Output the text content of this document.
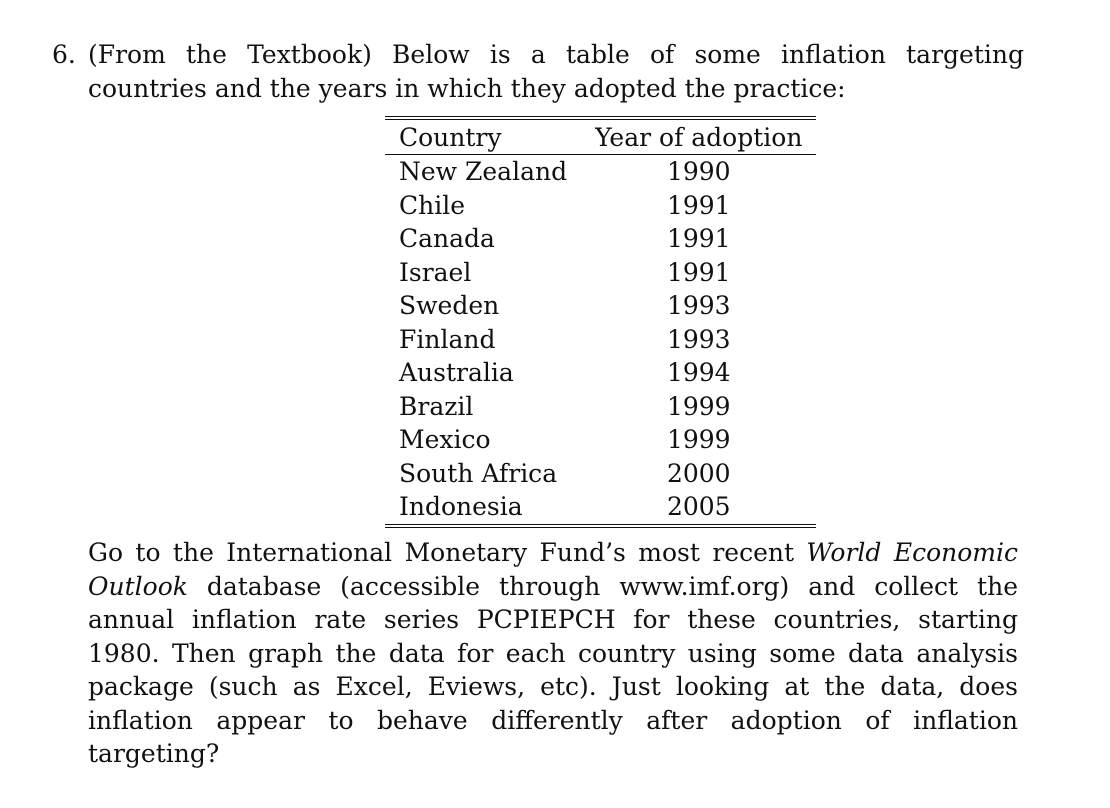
6. (From the Textbook) Below is a table of some inflation targeting countries and the years in which they adopted the practice:
Country	Year of adoption
New Zealand	1990
Chile	1991
Canada	1991
Israel	1991
Sweden	1993
Finland	1993
Australia	1994
Brazil	1999
Mexico	1999
South Africa	2000
Indonesia	2005

Go to the International Monetary Fund’s most recent World Economic Outlook database (accessible through www.imf.org) and collect the annual inflation rate series PCPIEPCH for these countries, starting 1980. Then graph the data for each country using some data analysis package (such as Excel, Eviews, etc). Just looking at the data, does inflation appear to behave differently after adoption of inflation targeting?
